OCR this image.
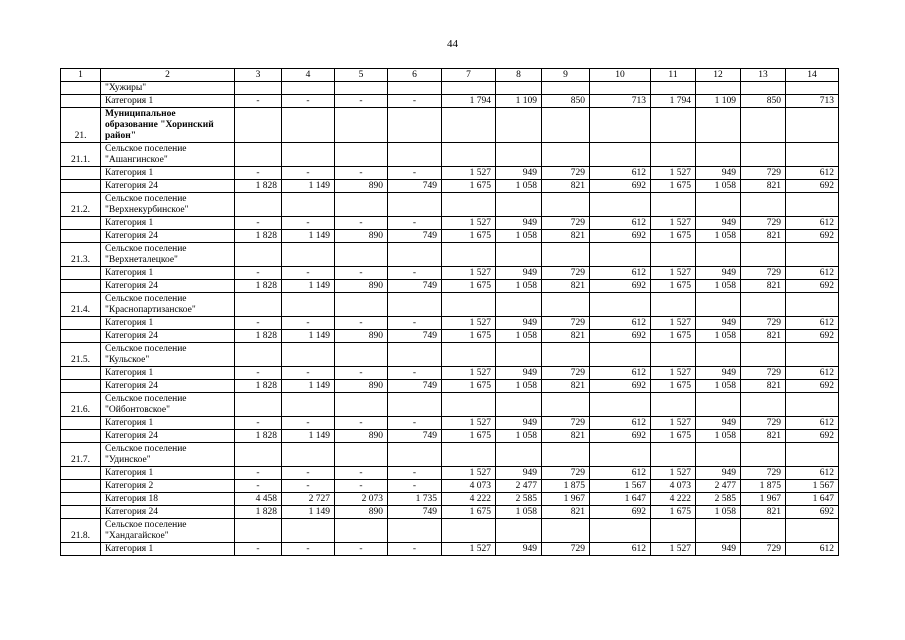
44
1	2	3	4	5	6	7	8	9	10	11	12	13	14
	"Хужиры"												
	Категория 1	-	-	-	-	1 794	1 109	850	713	1 794	1 109	850	713
21.	Муниципальное образование "Хоринский район"												
21.1.	Сельское поселение "Ашангинское"												
	Категория 1	-	-	-	-	1 527	949	729	612	1 527	949	729	612
	Категория 24	1 828	1 149	890	749	1 675	1 058	821	692	1 675	1 058	821	692
21.2.	Сельское поселение "Верхнекурбинское"												
	Категория 1	-	-	-	-	1 527	949	729	612	1 527	949	729	612
	Категория 24	1 828	1 149	890	749	1 675	1 058	821	692	1 675	1 058	821	692
21.3.	Сельское поселение "Верхнеталецкое"												
	Категория 1	-	-	-	-	1 527	949	729	612	1 527	949	729	612
	Категория 24	1 828	1 149	890	749	1 675	1 058	821	692	1 675	1 058	821	692
21.4.	Сельское поселение "Краснопартизанское"												
	Категория 1	-	-	-	-	1 527	949	729	612	1 527	949	729	612
	Категория 24	1 828	1 149	890	749	1 675	1 058	821	692	1 675	1 058	821	692
21.5.	Сельское поселение "Кульское"												
	Категория 1	-	-	-	-	1 527	949	729	612	1 527	949	729	612
	Категория 24	1 828	1 149	890	749	1 675	1 058	821	692	1 675	1 058	821	692
21.6.	Сельское поселение "Ойбонтовское"												
	Категория 1	-	-	-	-	1 527	949	729	612	1 527	949	729	612
	Категория 24	1 828	1 149	890	749	1 675	1 058	821	692	1 675	1 058	821	692
21.7.	Сельское поселение "Удинское"												
	Категория 1	-	-	-	-	1 527	949	729	612	1 527	949	729	612
	Категория 2	-	-	-	-	4 073	2 477	1 875	1 567	4 073	2 477	1 875	1 567
	Категория 18	4 458	2 727	2 073	1 735	4 222	2 585	1 967	1 647	4 222	2 585	1 967	1 647
	Категория 24	1 828	1 149	890	749	1 675	1 058	821	692	1 675	1 058	821	692
21.8.	Сельское поселение "Хандагайское"												
	Категория 1	-	-	-	-	1 527	949	729	612	1 527	949	729	612
